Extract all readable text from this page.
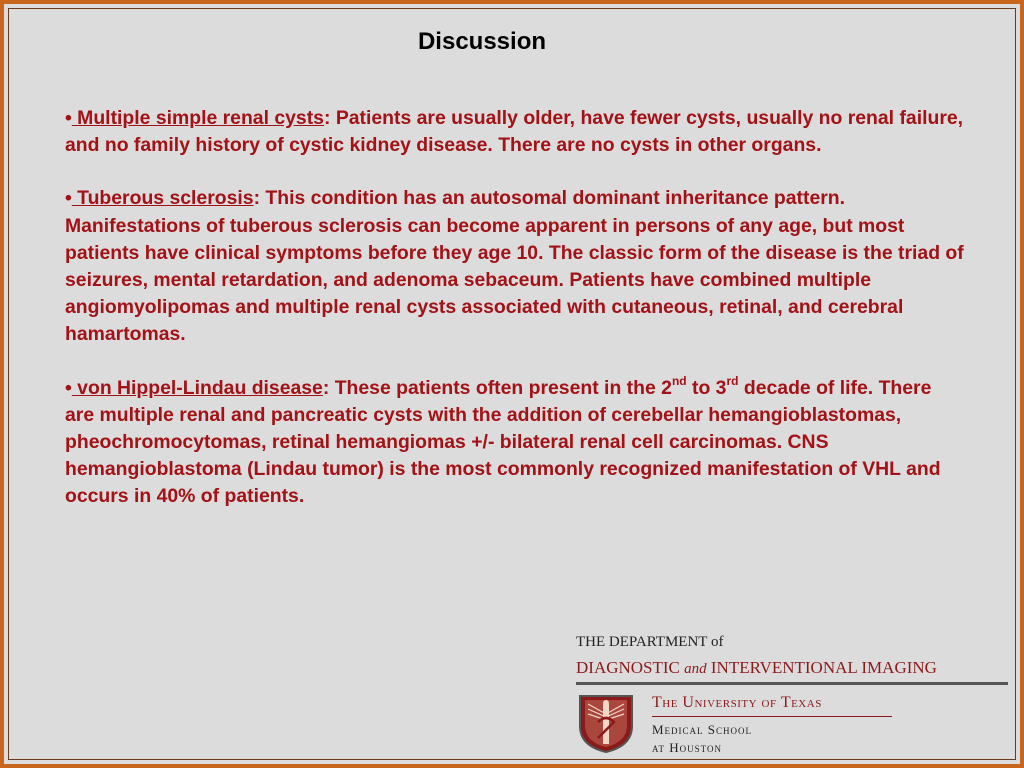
Discussion

• Multiple simple renal cysts: Patients are usually older, have fewer cysts, usually no renal failure, and no family history of cystic kidney disease. There are no cysts in other organs.

• Tuberous sclerosis: This condition has an autosomal dominant inheritance pattern. Manifestations of tuberous sclerosis can become apparent in persons of any age, but most patients have clinical symptoms before they age 10. The classic form of the disease is the triad of seizures, mental retardation, and adenoma sebaceum. Patients have combined multiple angiomyolipomas and multiple renal cysts associated with cutaneous, retinal, and cerebral hamartomas.

• von Hippel-Lindau disease: These patients often present in the 2nd to 3rd decade of life. There are multiple renal and pancreatic cysts with the addition of cerebellar hemangioblastomas, pheochromocytomas, retinal hemangiomas +/- bilateral renal cell carcinomas. CNS hemangioblastoma (Lindau tumor) is the most commonly recognized manifestation of VHL and occurs in 40% of patients.

THE DEPARTMENT of
DIAGNOSTIC and INTERVENTIONAL IMAGING
The University of Texas
Medical School
at Houston
